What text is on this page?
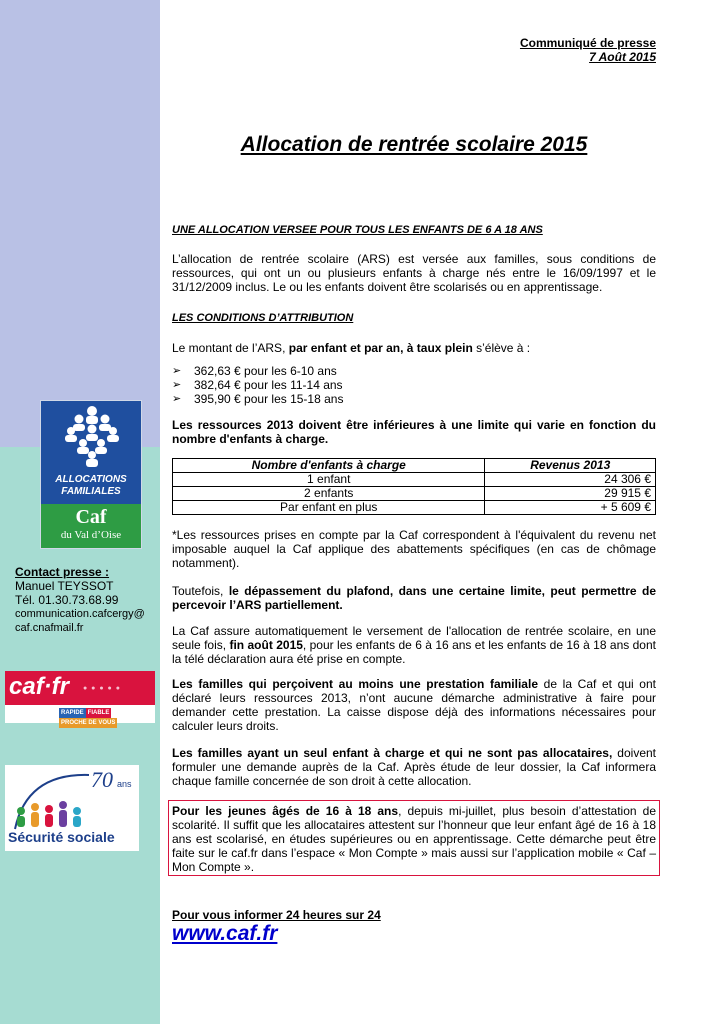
ALLOCATIONS
FAMILIALES
Caf
du Val d’Oise
Contact presse :
Manuel TEYSSOT
Tél. 01.30.73.68.99
communication.cafcergy@
caf.cnafmail.fr
caf·fr ● ● ● ● ●
RAPIDE FIABLEPROCHE DE VOUS
70 ans
Sécurité sociale
Communiqué de presse
7 Août 2015
Allocation de rentrée scolaire 2015
UNE ALLOCATION VERSEE POUR TOUS LES ENFANTS DE 6 A 18 ANS
L’allocation de rentrée scolaire (ARS) est versée aux familles, sous conditions de ressources, qui ont un ou plusieurs enfants à charge nés entre le 16/09/1997 et le 31/12/2009 inclus. Le ou les enfants doivent être scolarisés ou en apprentissage.
LES CONDITIONS D’ATTRIBUTION
Le montant de l’ARS, par enfant et par an, à taux plein s’élève à :
➢ 362,63 € pour les 6-10 ans
➢ 382,64 € pour les 11-14 ans
➢ 395,90 € pour les 15-18 ans
Les ressources 2013 doivent être inférieures à une limite qui varie en fonction du nombre d'enfants à charge.
Nombre d'enfants à charge	Revenus 2013
1 enfant	24 306 €
2 enfants	29 915 €
Par enfant en plus	+ 5 609 €
*Les ressources prises en compte par la Caf correspondent à l'équivalent du revenu net imposable auquel la Caf applique des abattements spécifiques (en cas de chômage notamment).
Toutefois, le dépassement du plafond, dans une certaine limite, peut permettre de percevoir l’ARS partiellement.
La Caf assure automatiquement le versement de l'allocation de rentrée scolaire, en une seule fois, fin août 2015, pour les enfants de 6 à 16 ans et les enfants de 16 à 18 ans dont la télé déclaration aura été prise en compte.
Les familles qui perçoivent au moins une prestation familiale de la Caf et qui ont déclaré leurs ressources 2013, n’ont aucune démarche administrative à faire pour demander cette prestation. La caisse dispose déjà des informations nécessaires pour calculer leurs droits.
Les familles ayant un seul enfant à charge et qui ne sont pas allocataires, doivent formuler une demande auprès de la Caf. Après étude de leur dossier, la Caf informera chaque famille concernée de son droit à cette allocation.
Pour les jeunes âgés de 16 à 18 ans, depuis mi-juillet, plus besoin d’attestation de scolarité. Il suffit que les allocataires attestent sur l’honneur que leur enfant âgé de 16 à 18 ans est scolarisé, en études supérieures ou en apprentissage. Cette démarche peut être faite sur le caf.fr dans l’espace « Mon Compte » mais aussi sur l’application mobile « Caf – Mon Compte ».
Pour vous informer 24 heures sur 24
www.caf.fr
